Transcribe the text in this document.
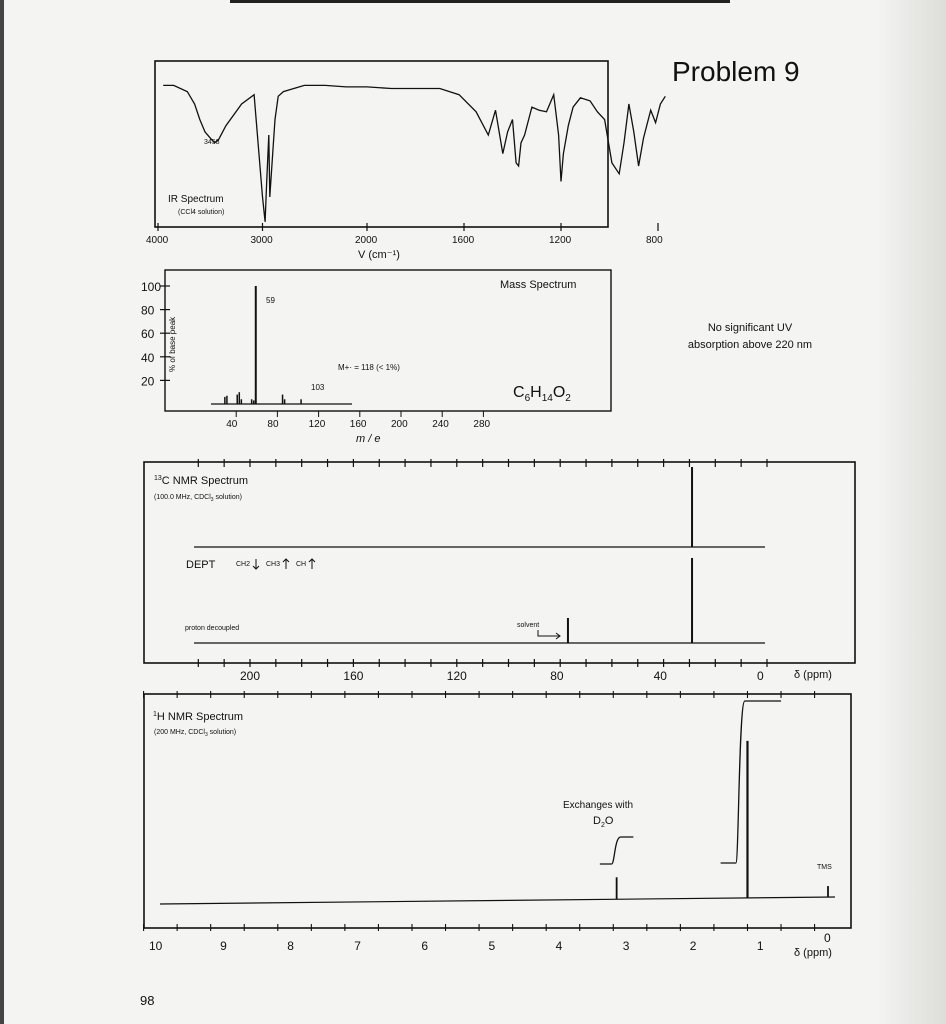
Problem 9
No significant UV
absorption above 220 nm
98
4000	3000	2000	1600	1200	800
3458
IR Spectrum
(CCl4 solution)
V (cm⁻¹)
20
40
60
80
100
40	80	120 160 200 240 280
% of base peak
Mass Spectrum
59
103
M+· = 118 (< 1%)
$C_6H_{14}O_2$
m / e
200	160	120	80	40	0
$^{13}$C NMR Spectrum
(100.0 MHz, CDCl$_3$ solution)
DEPT	CH2 CH3 CH
proton decoupled	solvent
δ (ppm)
10	9	8	7	6	5	4	3	2	1
0
$^1$H NMR Spectrum
(200 MHz, CDCl$_3$ solution)
Exchanges with
$D_2O$
TMS
δ (ppm)
